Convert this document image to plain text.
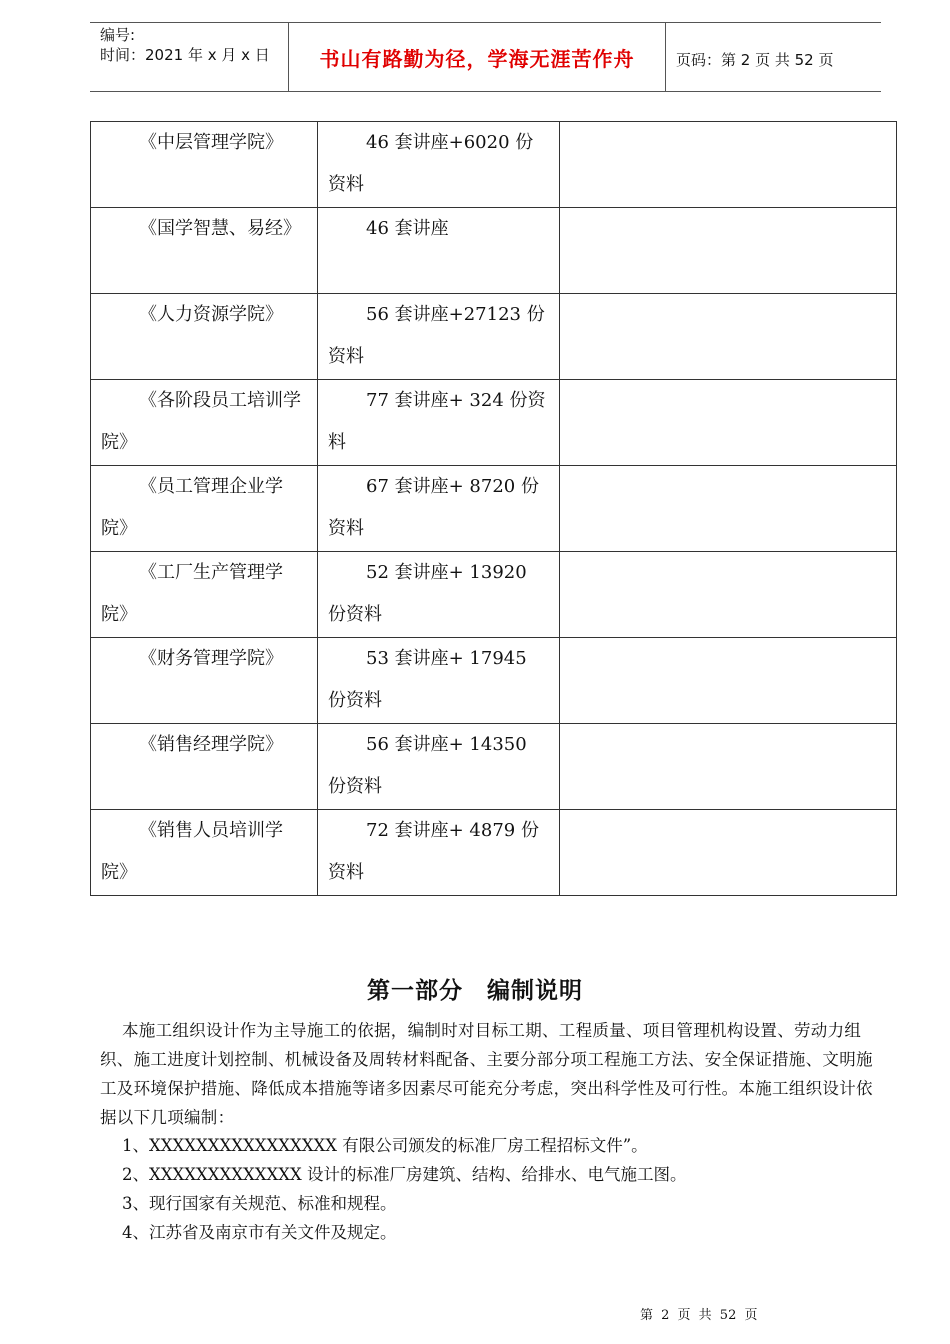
编号:
时间：2021 年 x 月 x 日	书山有路勤为径，学海无涯苦作舟	页码：第 2 页 共 52 页
《中层管理学院》	46 套讲座+6020 份资料	

《国学智慧、易经》	46 套讲座	

《人力资源学院》	56 套讲座+27123 份资料	

《各阶段员工培训学院》	77 套讲座+ 324 份资料	

《员工管理企业学院》	67 套讲座+ 8720 份资料	

《工厂生产管理学院》	52 套讲座+ 13920 份资料	

《财务管理学院》	53 套讲座+ 17945 份资料	

《销售经理学院》	56 套讲座+ 14350 份资料	

《销售人员培训学院》	72 套讲座+ 4879 份资料	

第一部分 编制说明
本施工组织设计作为主导施工的依据，编制时对目标工期、工程质量、项目管理机构设置、劳动力组织、施工进度计划控制、机械设备及周转材料配备、主要分部分项工程施工方法、安全保证措施、文明施工及环境保护措施、降低成本措施等诸多因素尽可能充分考虑，突出科学性及可行性。本施工组织设计依据以下几项编制：
1、XXXXXXXXXXXXXXXX 有限公司颁发的标准厂房工程招标文件”。
2、XXXXXXXXXXXXX 设计的标准厂房建筑、结构、给排水、电气施工图。
3、现行国家有关规范、标准和规程。
4、江苏省及南京市有关文件及规定。
第 2 页 共 52 页
